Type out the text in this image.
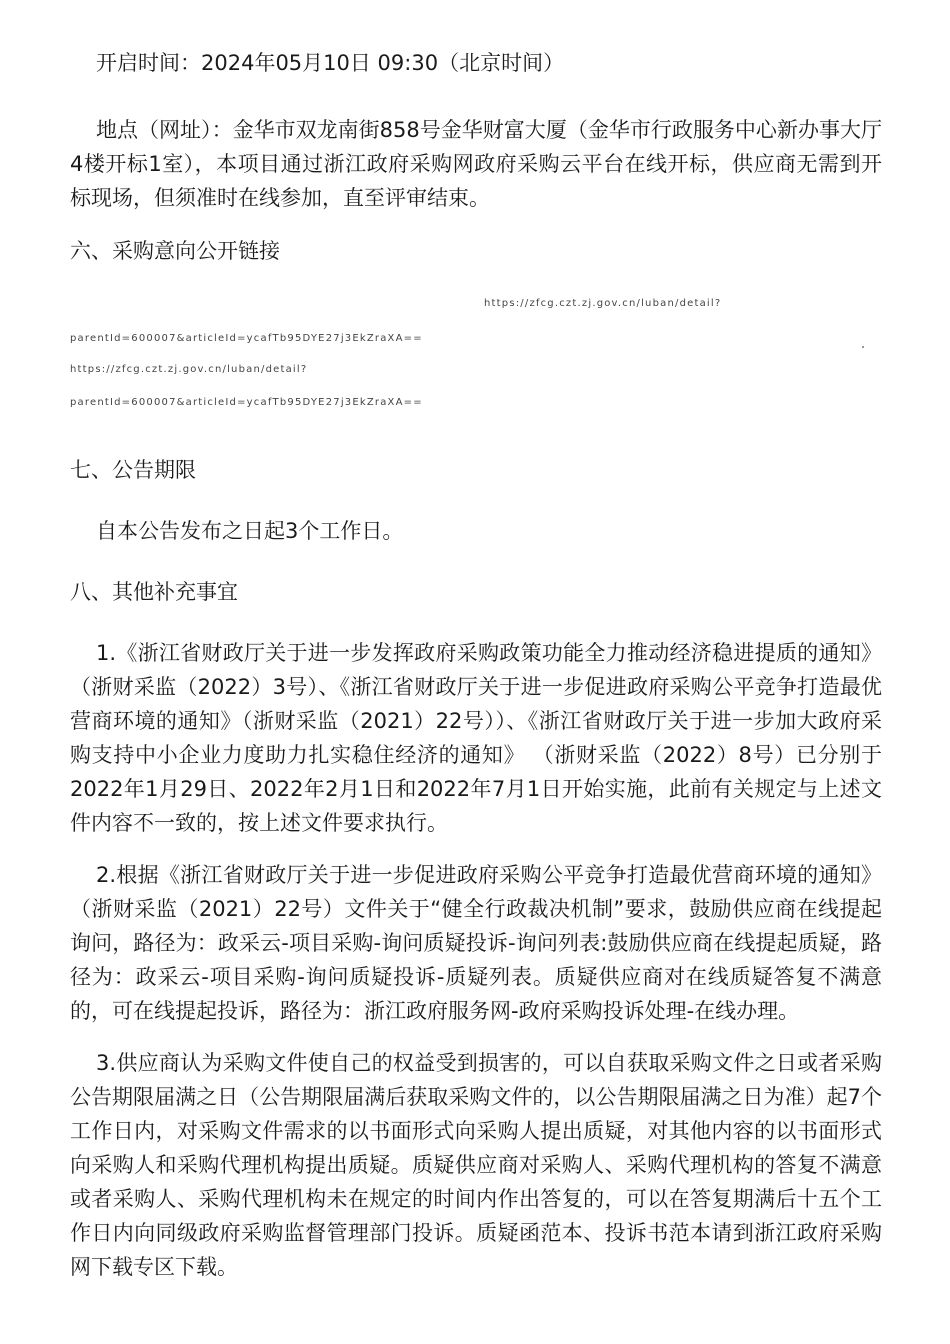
开启时间：2024年05月10日 09:30（北京时间）

地点（网址）：金华市双龙南街858号金华财富大厦（金华市行政服务中心新办事大厅4楼开标1室），本项目通过浙江政府采购网政府采购云平台在线开标，供应商无需到开标现场，但须准时在线参加，直至评审结束。

六、采购意向公开链接

https://zfcg.czt.zj.gov.cn/luban/detail?

parentId=600007&articleId=ycafTb95DYE27j3EkZraXA==

https://zfcg.czt.zj.gov.cn/luban/detail?

parentId=600007&articleId=ycafTb95DYE27j3EkZraXA==

七、公告期限

自本公告发布之日起3个工作日。

八、其他补充事宜

1.《浙江省财政厅关于进一步发挥政府采购政策功能全力推动经济稳进提质的通知》（浙财采监（2022）3号）、《浙江省财政厅关于进一步促进政府采购公平竞争打造最优营商环境的通知》（浙财采监（2021）22号））、《浙江省财政厅关于进一步加大政府采购支持中小企业力度助力扎实稳住经济的通知》 （浙财采监（2022）8号）已分别于2022年1月29日、2022年2月1日和2022年7月1日开始实施，此前有关规定与上述文件内容不一致的，按上述文件要求执行。

2.根据《浙江省财政厅关于进一步促进政府采购公平竞争打造最优营商环境的通知》（浙财采监（2021）22号）文件关于“健全行政裁决机制”要求，鼓励供应商在线提起询问，路径为：政采云-项目采购-询问质疑投诉-询问列表:鼓励供应商在线提起质疑，路径为：政采云-项目采购-询问质疑投诉-质疑列表。质疑供应商对在线质疑答复不满意的，可在线提起投诉，路径为：浙江政府服务网-政府采购投诉处理-在线办理。

3.供应商认为采购文件使自己的权益受到损害的，可以自获取采购文件之日或者采购公告期限届满之日（公告期限届满后获取采购文件的，以公告期限届满之日为准）起7个工作日内，对采购文件需求的以书面形式向采购人提出质疑，对其他内容的以书面形式向采购人和采购代理机构提出质疑。质疑供应商对采购人、采购代理机构的答复不满意或者采购人、采购代理机构未在规定的时间内作出答复的，可以在答复期满后十五个工作日内向同级政府采购监督管理部门投诉。质疑函范本、投诉书范本请到浙江政府采购网下载专区下载。
